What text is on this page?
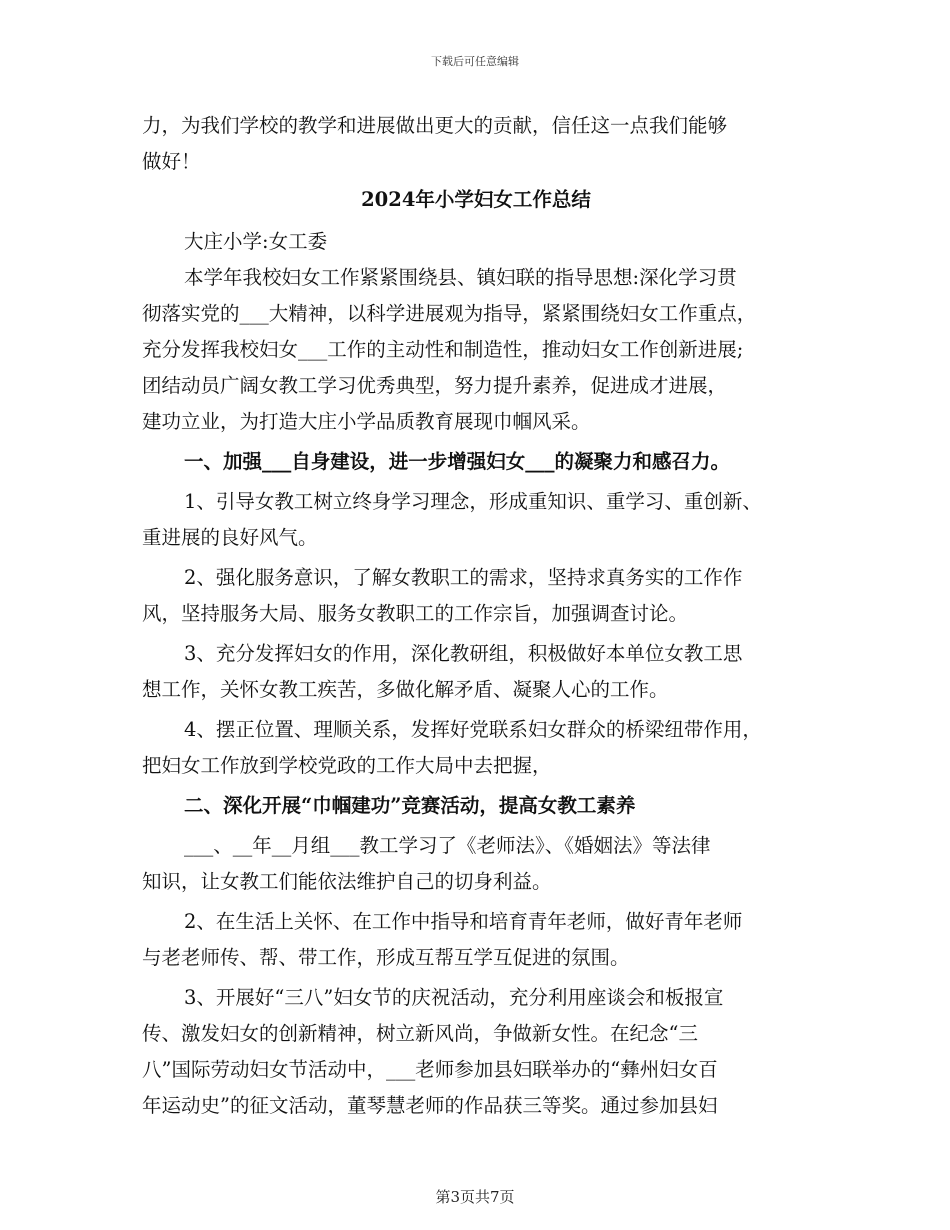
下载后可任意编辑
力，为我们学校的教学和进展做出更大的贡献，信任这一点我们能够
做好！
2024年小学妇女工作总结
大庄小学:女工委
本学年我校妇女工作紧紧围绕县、镇妇联的指导思想:深化学习贯
彻落实党的___大精神，以科学进展观为指导，紧紧围绕妇女工作重点，
充分发挥我校妇女___工作的主动性和制造性，推动妇女工作创新进展;
团结动员广阔女教工学习优秀典型，努力提升素养，促进成才进展，
建功立业，为打造大庄小学品质教育展现巾帼风采。
一、加强___自身建设，进一步增强妇女___的凝聚力和感召力。
1、引导女教工树立终身学习理念，形成重知识、重学习、重创新、
重进展的良好风气。
2、强化服务意识，了解女教职工的需求，坚持求真务实的工作作
风，坚持服务大局、服务女教职工的工作宗旨，加强调查讨论。
3、充分发挥妇女的作用，深化教研组，积极做好本单位女教工思
想工作，关怀女教工疾苦，多做化解矛盾、凝聚人心的工作。
4、摆正位置、理顺关系，发挥好党联系妇女群众的桥梁纽带作用，
把妇女工作放到学校党政的工作大局中去把握，
二、深化开展“巾帼建功”竞赛活动，提高女教工素养
___、__年__月组___教工学习了《老师法》、《婚姻法》等法律
知识，让女教工们能依法维护自己的切身利益。
2、在生活上关怀、在工作中指导和培育青年老师，做好青年老师
与老老师传、帮、带工作，形成互帮互学互促进的氛围。
3、开展好“三八”妇女节的庆祝活动，充分利用座谈会和板报宣
传、激发妇女的创新精神，树立新风尚，争做新女性。在纪念“三
八”国际劳动妇女节活动中，___老师参加县妇联举办的“彝州妇女百
年运动史”的征文活动，董琴慧老师的作品获三等奖。通过参加县妇
第3页共7页
